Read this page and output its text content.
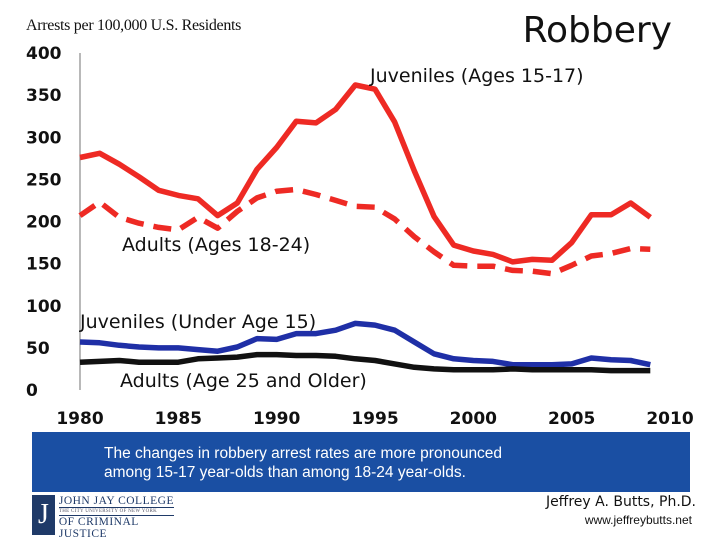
0
50
100
150
200
250
300
350
400
1980	1985	1990	1995	2000	2005	2010
Juveniles (Ages 15-17)
Adults (Ages 18-24)
Juveniles (Under Age 15)
Adults (Age 25 and Older)
Arrests per 100,000 U.S. Residents	Robbery
The changes in robbery arrest rates are more pronounced
among 15-17 year-olds than among 18-24 year-olds.
J JOHN JAY COLLEGE
THE CITY UNIVERSITY OF NEW YORK
OF CRIMINAL JUSTICE
Jeffrey A. Butts, Ph.D.
www.jeffreybutts.net
